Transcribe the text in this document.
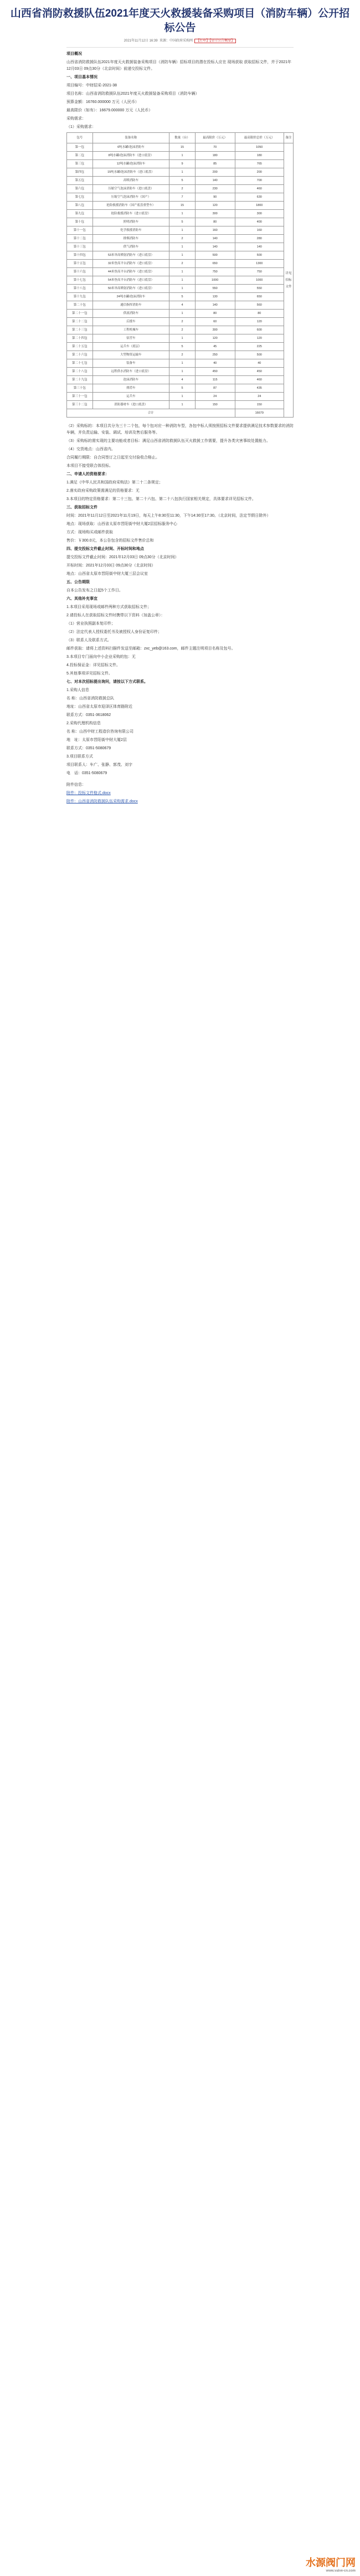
山西省消防救援队伍2021年度天火救援装备采购项目（消防车辆）公开招标公告
2021年11月12日 16:39 来源：中国政府采购网 【打印】【显示公告概要】

项目概况

山西省消防救援队伍2021年度天火救援装备采购项目（消防车辆）招标项目的潜在投标人应在 现场获取 获取招标文件，并于2021年12月03日 09点30分（北京时间）前递交投标文件。

一、项目基本情况

项目编号：中财招采-2021-38

项目名称：山西省消防救援队伍2021年度天火救援装备采购项目（消防车辆）

预算金额：16760.000000 万元（人民币）

最高限价（如有）：16679.000000 万元（人民币）

采购需求：

（1）采购需求：

包号	装备名称	数量（台）	最高限价（万元）	最高限价总价（万元）	备注
第一包	6吨水罐/泡沫消防车	15	70	1050	详见招标文件
第二包	8吨水罐/泡沫消防车（进口底盘）	1	180	180	
第三包	12吨水罐/泡沫消防车	9	85	765	
第四包	15吨水罐/泡沫消防车（进口底盘）	1	200	200	
第五包	高喷消防车	5	140	700	
第六包	压缩空气泡沫消防车（进口底盘）	2	230	460	
第七包	压缩空气泡沫消防车（国产）	7	90	630	
第八包	抢险救援消防车（国产底盘重型车）	15	120	1800	
第九包	抢险救援消防车（进口底盘）	1	300	300	
第十包	照明消防车	5	80	400	
第十一包	化学救援消防车	1	160	160	
第十二包	排烟消防车	2	140	280	
第十三包	供气消防车	1	140	140	
第十四包	53米举高喷射消防车（进口底盘）	1	500	500	
第十五包	32米登高平台消防车（进口底盘）	2	650	1300	
第十六包	44米登高平台消防车（进口底盘）	1	750	750	
第十七包	54米登高平台消防车（进口底盘）	1	1000	1000	
第十八包	50米举高喷射消防车（进口底盘）	1	550	550	
第十九包	24吨水罐/泡沫消防车	5	130	650	
第二十包	通信指挥消防车	4	140	560	
第二十一包	供液消防车	1	80	80	
第二十二包	后援车	2	60	120	
第二十三包	工程机械车	2	300	600	
第二十四包	宿营车	1	120	120	
第二十五包	运兵车（底层）	5	45	225	
第二十六包	大型物资运输车	2	250	500	
第二十七包	装备车	1	40	40	
第二十八包	远程供水消防车（进口底盘）	1	450	450	
第二十九包	泡沫消防车	4	115	460	
第三十包	排涝车	5	87	435	
第三十一包	运兵车	1	24	24	
第三十二包	消防器材车（进口底盘）	1	150	150	
合计				16679	

（2）采购标的：本项目共分为三十二个包，每个包对应一种消防车型，各包中标人须按照招标文件要求提供满足技术参数要求的消防车辆，并负责运输、安装、调试、培训及售后服务等。

（3）采购标的需实现的主要功能或者目标：满足山西省消防救援队伍灭火救援工作需要，提升各类灾害事故处置能力。

（4）交货地点：山西省内。

合同履行期限：自合同签订之日起至交付验收合格止。

本项目不接受联合体投标。

二、申请人的资格要求：

1.满足《中华人民共和国政府采购法》第二十二条规定；

2.落实政府采购政策需满足的资格要求：无

3.本项目的特定资格要求：第二十三包、第二十六包、第二十八包执行国家相关规定，具体要求详见招标文件。

三、获取招标文件

时间：2021年11月12日至2021年11月19日，每天上午8:30至11:30，下午14:30至17:30。（北京时间，法定节假日除外）

地点：现场获取：山西省太原市晋阳街中财大厦2层招标服务中心

方式：现场购买或邮件获取

售价：￥300.0元，本公告包含的招标文件售价总和

四、提交投标文件截止时间、开标时间和地点

提交投标文件截止时间：2021年12月03日 09点30分（北京时间）

开标时间：2021年12月03日 09点30分（北京时间）

地点：山西省太原市晋阳街中财大厦三层会议室

五、公告期限

自本公告发布之日起5个工作日。

六、其他补充事宜

1.本项目采用现场或邮件两种方式获取招标文件；

2.请投标人在获取招标文件时携带以下资料（加盖公章）：

（1）营业执照副本复印件；

（2）法定代表人授权委托书及被授权人身份证复印件；

（3）联系人及联系方式。

邮件获取：请将上述资料扫描件发送至邮箱：zxc_yeb@163.com，邮件主题注明项目名称及包号。

3.本项目专门面向中小企业采购的包：无

4.投标保证金：详见招标文件。

5.其他事项详见招标文件。

七、对本次招标提出询问，请按以下方式联系。

1.采购人信息

名 称：山西省消防救援总队

地址：山西省太原市迎泽区体育路附近

联系方式：0351-3618062

2.采购代理机构信息

名 称：山西中财工程造价咨询有限公司

地　址：太原市晋阳街中财大厦2层

联系方式：0351-5080679

3.项目联系方式

项目联系人：车广、张静、郭茂、刘宇

电　话：0351-5080679

附件信息：

附件：投标文件格式.docx

附件：山西省消防救援队伍采购需求.docx

水源阀门网
www.valve-cn.com
